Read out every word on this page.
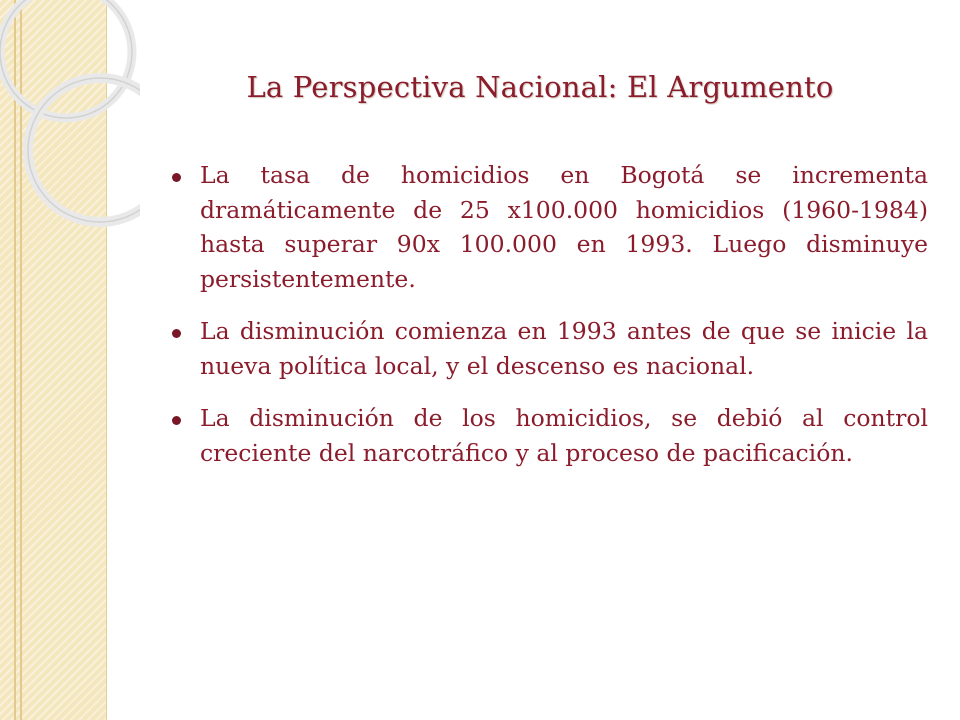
La Perspectiva Nacional: El Argumento
La tasa de homicidios en Bogotá se incrementa dramáticamente de 25 x100.000 homicidios (1960-1984) hasta superar 90x 100.000 en 1993. Luego disminuye persistentemente.
La disminución comienza en 1993 antes de que se inicie la nueva política local, y el descenso es nacional.
La disminución de los homicidios, se debió al control creciente del narcotráfico y al proceso de pacificación.
